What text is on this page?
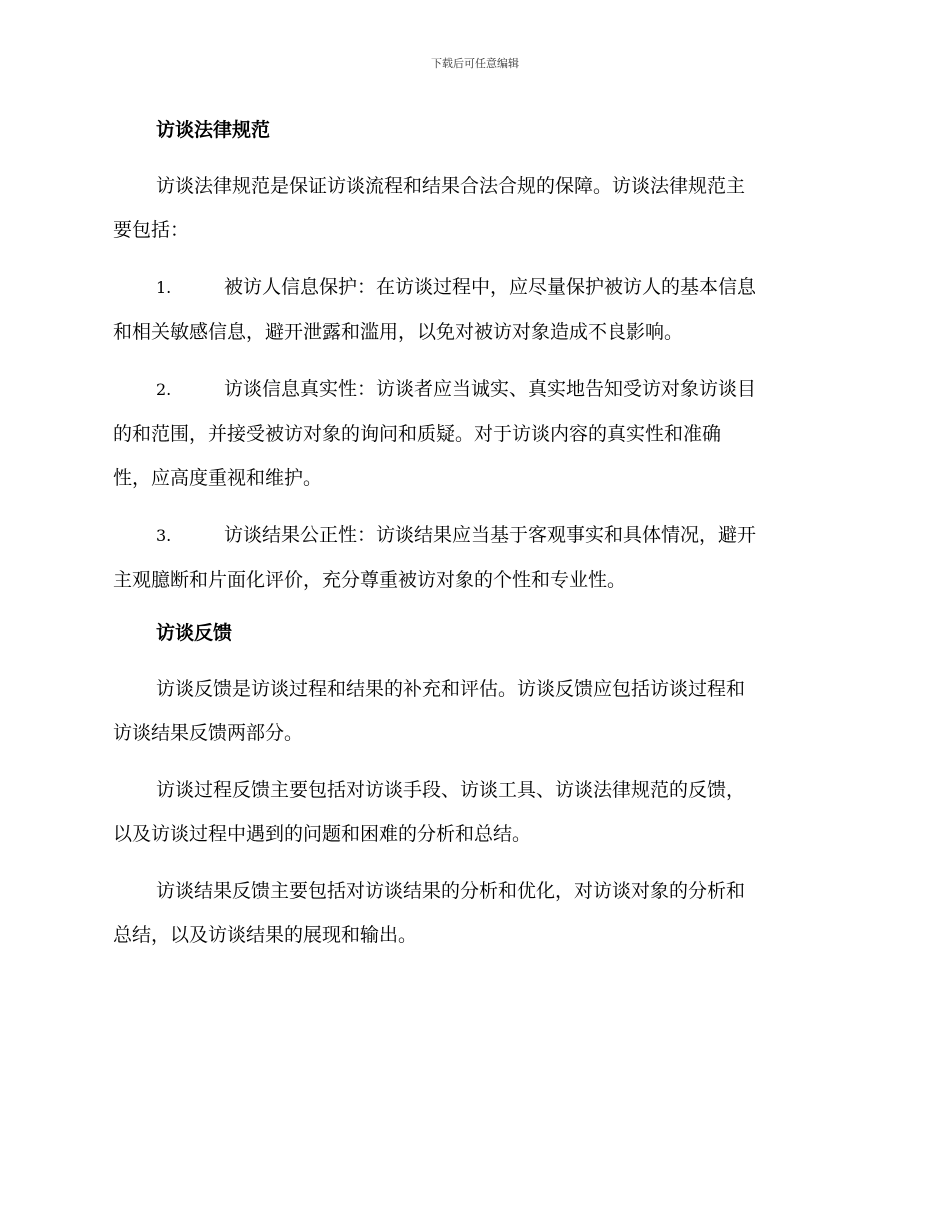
下载后可任意编辑
访谈法律规范
访谈法律规范是保证访谈流程和结果合法合规的保障。访谈法律规范主
要包括：
1.	被访人信息保护：在访谈过程中，应尽量保护被访人的基本信息
和相关敏感信息，避开泄露和滥用，以免对被访对象造成不良影响。
2.	访谈信息真实性：访谈者应当诚实、真实地告知受访对象访谈目
的和范围，并接受被访对象的询问和质疑。对于访谈内容的真实性和准确
性，应高度重视和维护。
3.	访谈结果公正性：访谈结果应当基于客观事实和具体情况，避开
主观臆断和片面化评价，充分尊重被访对象的个性和专业性。
访谈反馈
访谈反馈是访谈过程和结果的补充和评估。访谈反馈应包括访谈过程和
访谈结果反馈两部分。
访谈过程反馈主要包括对访谈手段、访谈工具、访谈法律规范的反馈，
以及访谈过程中遇到的问题和困难的分析和总结。
访谈结果反馈主要包括对访谈结果的分析和优化，对访谈对象的分析和
总结，以及访谈结果的展现和输出。
